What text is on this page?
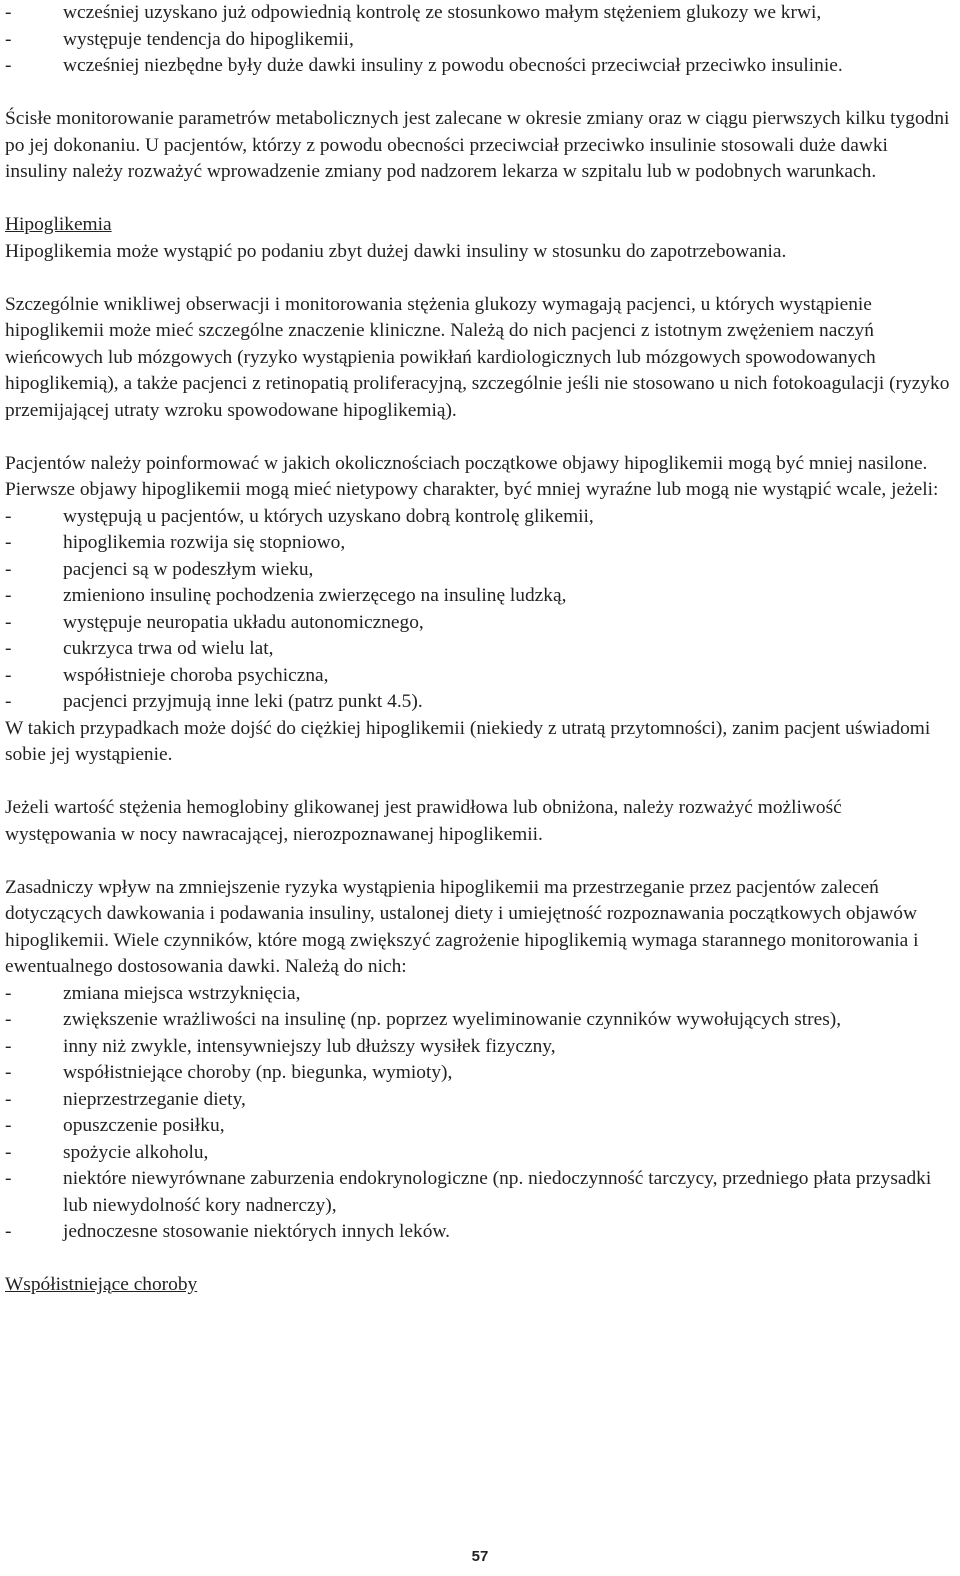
-	wcześniej uzyskano już odpowiednią kontrolę ze stosunkowo małym stężeniem glukozy we krwi,
-	występuje tendencja do hipoglikemii,
-	wcześniej niezbędne były duże dawki insuliny z powodu obecności przeciwciał przeciwko insulinie.

Ścisłe monitorowanie parametrów metabolicznych jest zalecane w okresie zmiany oraz w ciągu pierwszych kilku tygodni po jej dokonaniu. U pacjentów, którzy z powodu obecności przeciwciał przeciwko insulinie stosowali duże dawki insuliny należy rozważyć wprowadzenie zmiany pod nadzorem lekarza w szpitalu lub w podobnych warunkach.

Hipoglikemia

Hipoglikemia może wystąpić po podaniu zbyt dużej dawki insuliny w stosunku do zapotrzebowania.

Szczególnie wnikliwej obserwacji i monitorowania stężenia glukozy wymagają pacjenci, u których wystąpienie hipoglikemii może mieć szczególne znaczenie kliniczne. Należą do nich pacjenci z istotnym zwężeniem naczyń wieńcowych lub mózgowych (ryzyko wystąpienia powikłań kardiologicznych lub mózgowych spowodowanych hipoglikemią), a także pacjenci z retinopatią proliferacyjną, szczególnie jeśli nie stosowano u nich fotokoagulacji (ryzyko przemijającej utraty wzroku spowodowane hipoglikemią).

Pacjentów należy poinformować w jakich okolicznościach początkowe objawy hipoglikemii mogą być mniej nasilone. Pierwsze objawy hipoglikemii mogą mieć nietypowy charakter, być mniej wyraźne lub mogą nie wystąpić wcale, jeżeli:

-	występują u pacjentów, u których uzyskano dobrą kontrolę glikemii,
-	hipoglikemia rozwija się stopniowo,
-	pacjenci są w podeszłym wieku,
-	zmieniono insulinę pochodzenia zwierzęcego na insulinę ludzką,
-	występuje neuropatia układu autonomicznego,
-	cukrzyca trwa od wielu lat,
-	współistnieje choroba psychiczna,
-	pacjenci przyjmują inne leki (patrz punkt 4.5).

W takich przypadkach może dojść do ciężkiej hipoglikemii (niekiedy z utratą przytomności), zanim pacjent uświadomi sobie jej wystąpienie.

Jeżeli wartość stężenia hemoglobiny glikowanej jest prawidłowa lub obniżona, należy rozważyć możliwość występowania w nocy nawracającej, nierozpoznawanej hipoglikemii.

Zasadniczy wpływ na zmniejszenie ryzyka wystąpienia hipoglikemii ma przestrzeganie przez pacjentów zaleceń dotyczących dawkowania i podawania insuliny, ustalonej diety i umiejętność rozpoznawania początkowych objawów hipoglikemii. Wiele czynników, które mogą zwiększyć zagrożenie hipoglikemią wymaga starannego monitorowania i ewentualnego dostosowania dawki. Należą do nich:

-	zmiana miejsca wstrzyknięcia,
-	zwiększenie wrażliwości na insulinę (np. poprzez wyeliminowanie czynników wywołujących stres),
-	inny niż zwykle, intensywniejszy lub dłuższy wysiłek fizyczny,
-	współistniejące choroby (np. biegunka, wymioty),
-	nieprzestrzeganie diety,
-	opuszczenie posiłku,
-	spożycie alkoholu,
-	niektóre niewyrównane zaburzenia endokrynologiczne (np. niedoczynność tarczycy, przedniego płata przysadki lub niewydolność kory nadnerczy),
-	jednoczesne stosowanie niektórych innych leków.

Współistniejące choroby

57
